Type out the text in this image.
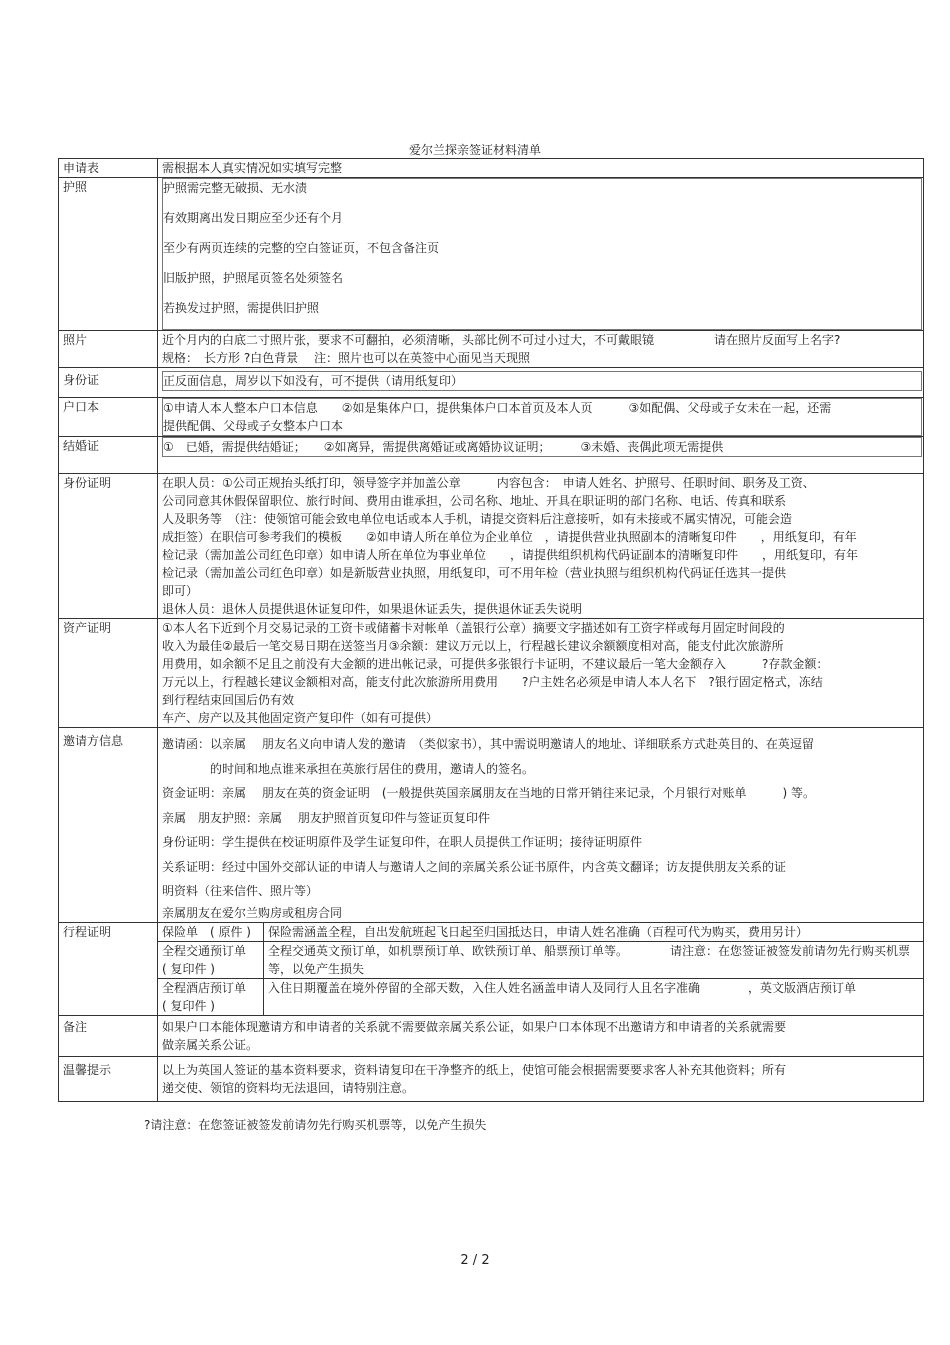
爱尔兰探亲签证材料清单
申请表	需根据本人真实情况如实填写完整
护照	护照需完整无破损、无水渍
有效期离出发日期应至少还有个月
至少有两页连续的完整的空白签证页，不包含备注页
旧版护照，护照尾页签名处须签名
若换发过护照，需提供旧护照

照片	近个月内的白底二寸照片张，要求不可翻拍，必须清晰，头部比例不可过小过大，不可戴眼镜　　　　　请在照片反面写上名字?
规格：　长方形 ?白色背景　 注：照片也可以在英签中心面见当天现照

身份证	正反面信息，周岁以下如没有，可不提供（请用纸复印）

户口本	①申请人本人整本户口本信息　　②如是集体户口，提供集体户口本首页及本人页　　　③如配偶、父母或子女未在一起，还需
提供配偶、父母或子女整本户口本

结婚证	①　已婚，需提供结婚证；　　②如离异，需提供离婚证或离婚协议证明；　　　③未婚、丧偶此项无需提供

身份证明	在职人员：①公司正规抬头纸打印，领导签字并加盖公章　　　内容包含：　申请人姓名、护照号、任职时间、职务及工资、
公司同意其休假保留职位、旅行时间、费用由谁承担，公司名称、地址、开具在职证明的部门名称、电话、传真和联系
人及职务等　（注：使领馆可能会致电单位电话或本人手机，请提交资料后注意接听，如有未接或不属实情况，可能会造
成拒签）在职信可参考我们的模板　　②如申请人所在单位为企业单位　，请提供营业执照副本的清晰复印件　　，用纸复印，有年
检记录（需加盖公司红色印章）如申请人所在单位为事业单位　　，请提供组织机构代码证副本的清晰复印件　　，用纸复印，有年
检记录（需加盖公司红色印章）如是新版营业执照，用纸复印，可不用年检（营业执照与组织机构代码证任选其一提供
即可）
退休人员：退休人员提供退休证复印件，如果退休证丢失，提供退休证丢失说明

资产证明	①本人名下近到个月交易记录的工资卡或储蓄卡对帐单（盖银行公章）摘要文字描述如有工资字样或每月固定时间段的
收入为最佳②最后一笔交易日期在送签当月③余额：建议万元以上，行程越长建议余额额度相对高，能支付此次旅游所
用费用，如余额不足且之前没有大金额的进出帐记录，可提供多张银行卡证明，不建议最后一笔大金额存入　　　?存款金额：
万元以上，行程越长建议金额相对高，能支付此次旅游所用费用　　?户主姓名必须是申请人本人名下　?银行固定格式，冻结
到行程结束回国后仍有效
车产、房产以及其他固定资产复印件（如有可提供）

邀请方信息	邀请函：以亲属　 朋友名义向申请人发的邀请　（类似家书），其中需说明邀请人的地址、详细联系方式赴英目的、在英逗留
　　　　的时间和地点谁来承担在英旅行居住的费用，邀请人的签名。
资金证明：亲属　 朋友在英的资金证明　(一般提供英国亲属朋友在当地的日常开销往来记录，个月银行对账单　　　) 等。
亲属　朋友护照：亲属　 朋友护照首页复印件与签证页复印件
身份证明：学生提供在校证明原件及学生证复印件，在职人员提供工作证明；接待证明原件
关系证明：经过中国外交部认证的申请人与邀请人之间的亲属关系公证书原件，内含英文翻译；访友提供朋友关系的证
明资料（往来信件、照片等）
亲属朋友在爱尔兰购房或租房合同

行程证明		保险单　( 原件 )	保险需涵盖全程，自出发航班起飞日起至归国抵达日，申请人姓名准确（百程可代为购买，费用另计）
全程交通预订单　( 复印件 )	全程交通英文预订单，如机票预订单、欧铁预订单、船票预订单等。　　　　请注意：在您签证被签发前请勿先行购买机票等，以免产生损失
全程酒店预订单　( 复印件 )	入住日期覆盖在境外停留的全部天数，入住人姓名涵盖申请人及同行人且名字准确　　　　，英文版酒店预订单

备注	如果户口本能体现邀请方和申请者的关系就不需要做亲属关系公证，如果户口本体现不出邀请方和申请者的关系就需要
做亲属关系公证。

温馨提示	以上为英国人签证的基本资料要求，资料请复印在干净整齐的纸上，使馆可能会根据需要要求客人补充其他资料；所有
递交使、领馆的资料均无法退回，请特别注意。
?请注意：在您签证被签发前请勿先行购买机票等，以免产生损失
2 / 2
